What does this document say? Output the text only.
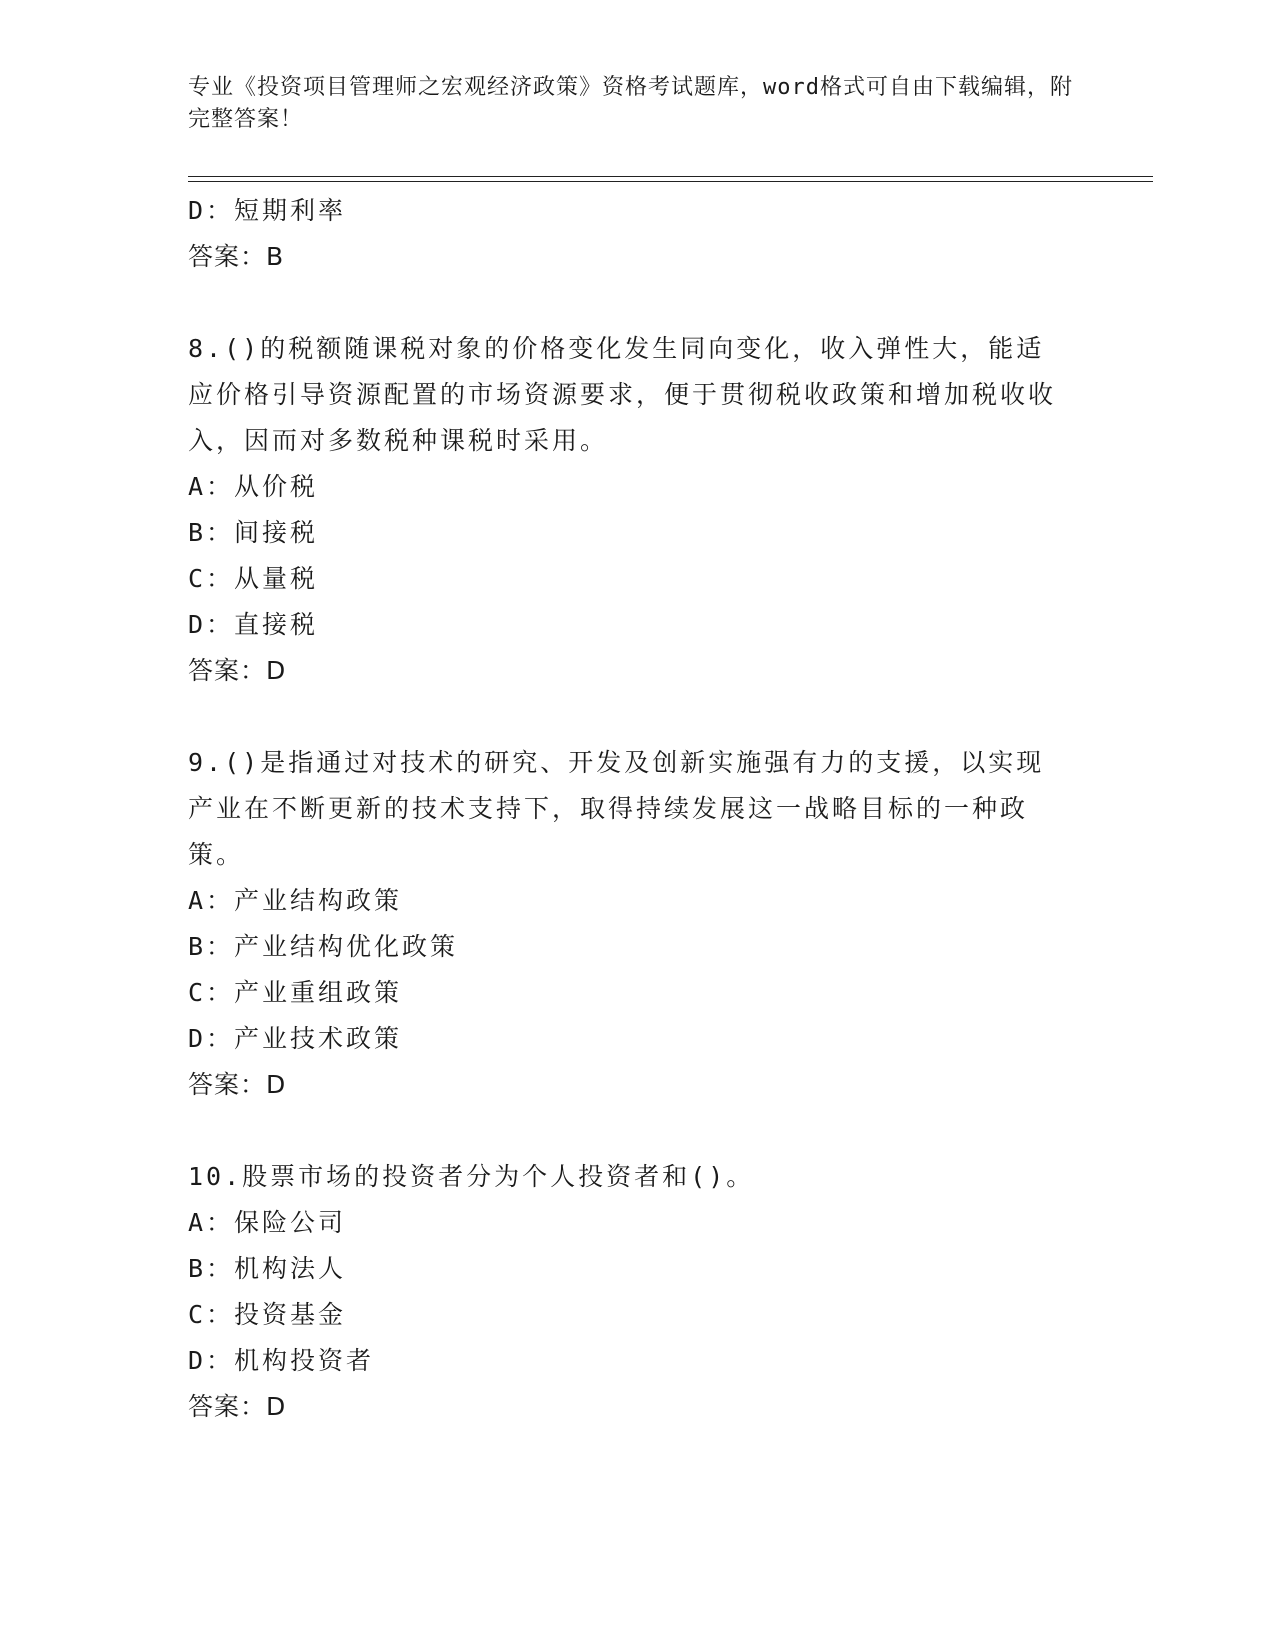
专业《投资项目管理师之宏观经济政策》资格考试题库，word格式可自由下载编辑，附完整答案！
D：短期利率
答案：B
8.()的税额随课税对象的价格变化发生同向变化，收入弹性大，能适应价格引导资源配置的市场资源要求，便于贯彻税收政策和增加税收收入，因而对多数税种课税时采用。
A：从价税
B：间接税
C：从量税
D：直接税
答案：D
9.()是指通过对技术的研究、开发及创新实施强有力的支援，以实现产业在不断更新的技术支持下，取得持续发展这一战略目标的一种政策。
A：产业结构政策
B：产业结构优化政策
C：产业重组政策
D：产业技术政策
答案：D
10.股票市场的投资者分为个人投资者和()。
A：保险公司
B：机构法人
C：投资基金
D：机构投资者
答案：D
